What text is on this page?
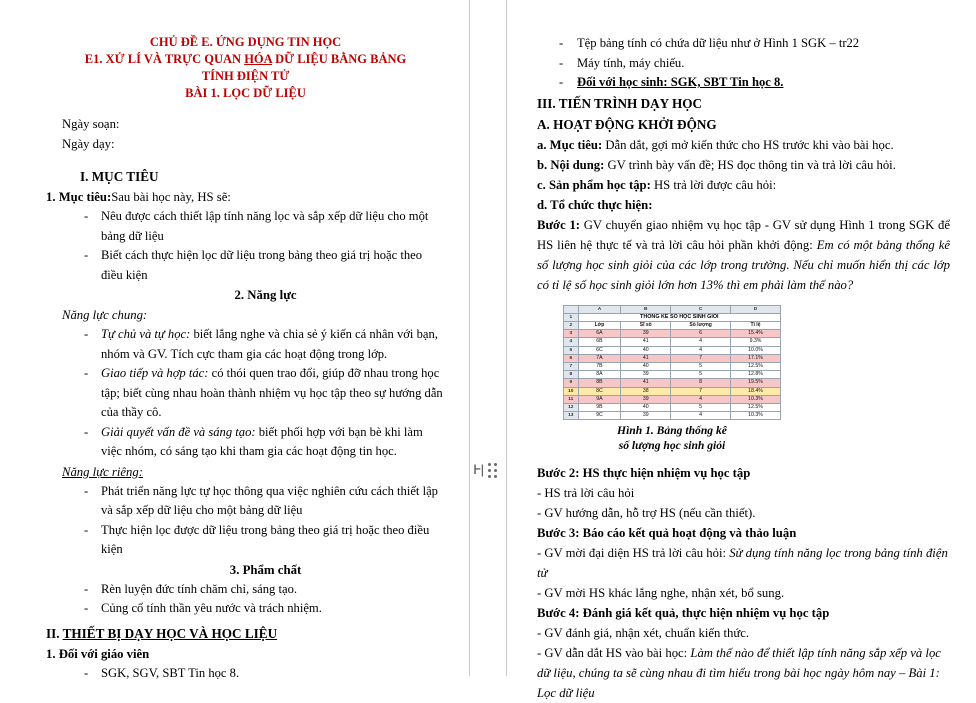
CHỦ ĐỀ E. ỨNG DỤNG TIN HỌC
E1. XỬ LÍ VÀ TRỰC QUAN HÓA DỮ LIỆU BẰNG BẢNG
TÍNH ĐIỆN TỬ
BÀI 1. LỌC DỮ LIỆU
Ngày soạn:
Ngày dạy:
I. MỤC TIÊU
1. Mục tiêu:Sau bài học này, HS sẽ:
-	Nêu được cách thiết lập tính năng lọc và sắp xếp dữ liệu cho một bảng dữ liệu
-	Biết cách thực hiện lọc dữ liệu trong bảng theo giá trị hoặc theo điều kiện
2. Năng lực
Năng lực chung:
-	Tự chủ và tự học: biết lắng nghe và chia sẻ ý kiến cá nhân với bạn, nhóm và GV. Tích cực tham gia các hoạt động trong lớp.
-	Giao tiếp và hợp tác: có thói quen trao đổi, giúp đỡ nhau trong học tập; biết cùng nhau hoàn thành nhiệm vụ học tập theo sự hướng dẫn của thầy cô.
-	Giải quyết vấn đề và sáng tạo: biết phối hợp với bạn bè khi làm việc nhóm, có sáng tạo khi tham gia các hoạt động tin học.
Năng lực riêng:
-	Phát triển năng lực tự học thông qua việc nghiên cứu cách thiết lập và sắp xếp dữ liệu cho một bảng dữ liệu
-	Thực hiện lọc được dữ liệu trong bảng theo giá trị hoặc theo điều kiện
3. Phẩm chất
-	Rèn luyện đức tính chăm chỉ, sáng tạo.
-	Củng cố tính thần yêu nước và trách nhiệm.
II. THIẾT BỊ DẠY HỌC VÀ HỌC LIỆU
1. Đối với giáo viên
-	SGK, SGV, SBT Tin học 8.
Ͱ|
-	Tệp bảng tính có chứa dữ liệu như ở Hình 1 SGK – tr22
-	Máy tính, máy chiếu.
-	Đối với học sinh: SGK, SBT Tin học 8.
III. TIẾN TRÌNH DẠY HỌC
A. HOẠT ĐỘNG KHỞI ĐỘNG
a. Mục tiêu: Dẫn dắt, gợi mở kiến thức cho HS trước khi vào bài học.
b. Nội dung: GV trình bày vấn đề; HS đọc thông tin và trả lời câu hỏi.
c. Sản phẩm học tập: HS trả lời được câu hỏi:
d. Tổ chức thực hiện:
Bước 1: GV chuyển giao nhiệm vụ học tập - GV sử dụng Hình 1 trong SGK để HS liên hệ thực tế và trả lời câu hỏi phần khởi động: Em có một bảng thống kê số lượng học sinh giỏi của các lớp trong trường. Nếu chỉ muốn hiển thị các lớp có tỉ lệ số học sinh giỏi lớn hơn 13% thì em phải làm thế nào?
	A	B	C	D
1	THỐNG KÊ SỐ HỌC SINH GIỎI			
2	Lớp	Sĩ số	Số lượng	Tỉ lệ
3	6A	39	6	15.4%
4	6B	41	4	9.3%
5	6C	40	4	10.0%
6	7A	41	7	17.1%
7	7B	40	5	12.5%
8	8A	39	5	12.8%
9	8B	41	8	19.5%
10	8C	38	7	18.4%
11	9A	39	4	10.3%
12	9B	40	5	12.5%
13	9C	39	4	10.3%
Hình 1. Bảng thống kê
số lượng học sinh giỏi
Bước 2: HS thực hiện nhiệm vụ học tập
- HS trả lời câu hỏi
- GV hướng dẫn, hỗ trợ HS (nếu cần thiết).
Bước 3: Báo cáo kết quả hoạt động và thảo luận
- GV mời đại diện HS trả lời câu hỏi: Sử dụng tính năng lọc trong bảng tính điện tử
- GV mời HS khác lắng nghe, nhận xét, bổ sung.
Bước 4: Đánh giá kết quả, thực hiện nhiệm vụ học tập
- GV đánh giá, nhận xét, chuẩn kiến thức.
- GV dẫn dắt HS vào bài học: Làm thế nào để thiết lập tính năng sắp xếp và lọc dữ liệu, chúng ta sẽ cùng nhau đi tìm hiểu trong bài học ngày hôm nay – Bài 1: Lọc dữ liệu
